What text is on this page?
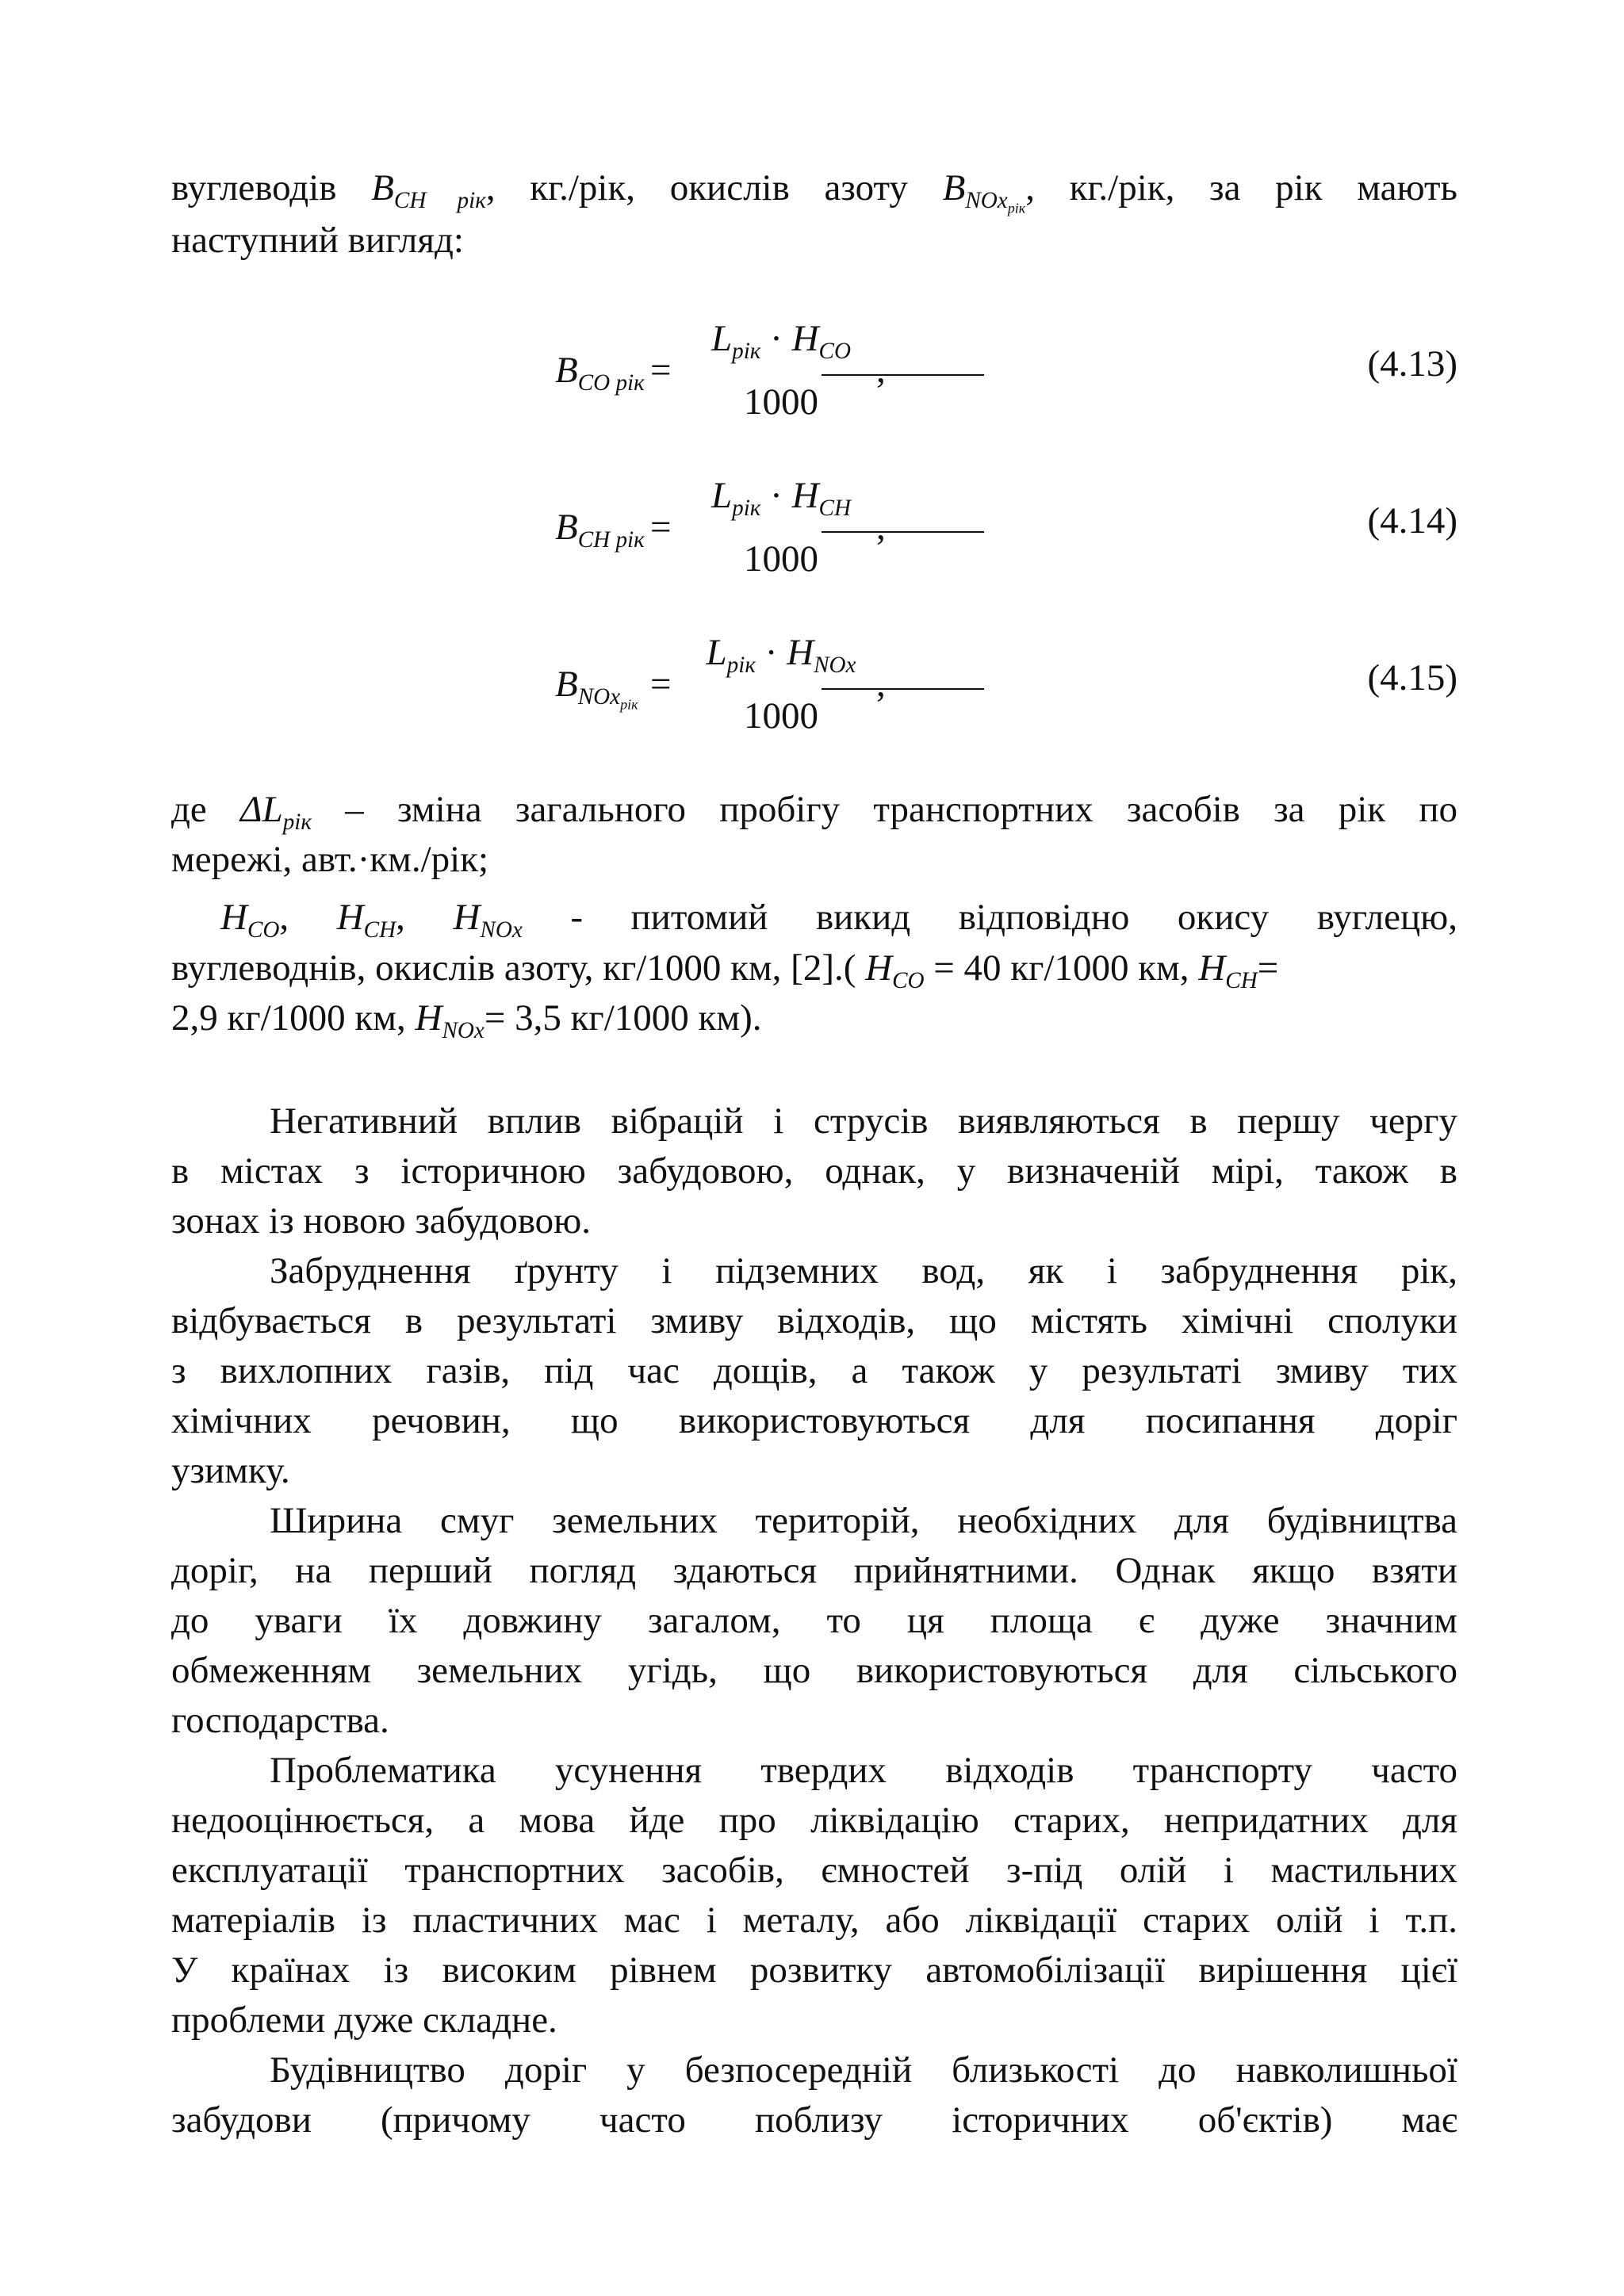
вуглеводів $B_{CH рік}$, кг./рік, окислів азоту $B_{NOx_{рік}}$, кг./рік, за рік мають
наступний вигляд:
$B_{CO рік}$ =
$L_{рік} \cdot H_{CO}$
1000
,	(4.13)
$B_{CH рік}$ =
$L_{рік} \cdot H_{CH}$
1000
,	(4.14)
$B_{NOx_{рік}}$ =
$L_{рік} \cdot H_{NOx}$
1000
,	(4.15)
де $\Delta L_{рік}$ – зміна загального пробігу транспортних засобів за рік по
мережі, авт.·км./рік;
$H_{CO}$, $H_{CH}$, $H_{NOx}$ - питомий викид відповідно окису вуглецю,
вуглеводнів, окислів азоту, кг/1000 км, [2].( $H_{CO} = 40$ кг/1000 км, $H_{CH}=$
2,9 кг/1000 км, $H_{NOx}= 3,5$ кг/1000 км).
Негативний вплив вібрацій і струсів виявляються в першу чергу
в містах з історичною забудовою, однак, у визначеній мірі, також в
зонах із новою забудовою.
Забруднення ґрунту і підземних вод, як і забруднення рік,
відбувається в результаті змиву відходів, що містять хімічні сполуки
з вихлопних газів, під час дощів, а також у результаті змиву тих
хімічних речовин, що використовуються для посипання доріг
узимку.
Ширина смуг земельних територій, необхідних для будівництва
доріг, на перший погляд здаються прийнятними. Однак якщо взяти
до уваги їх довжину загалом, то ця площа є дуже значним
обмеженням земельних угідь, що використовуються для сільського
господарства.
Проблематика усунення твердих відходів транспорту часто
недооцінюється, а мова йде про ліквідацію старих, непридатних для
експлуатації транспортних засобів, ємностей з-під олій і мастильних
матеріалів із пластичних мас і металу, або ліквідації старих олій і т.п.
У країнах із високим рівнем розвитку автомобілізації вирішення цієї
проблеми дуже складне.
Будівництво доріг у безпосередній близькості до навколишньої
забудови (причому часто поблизу історичних об'єктів) має
